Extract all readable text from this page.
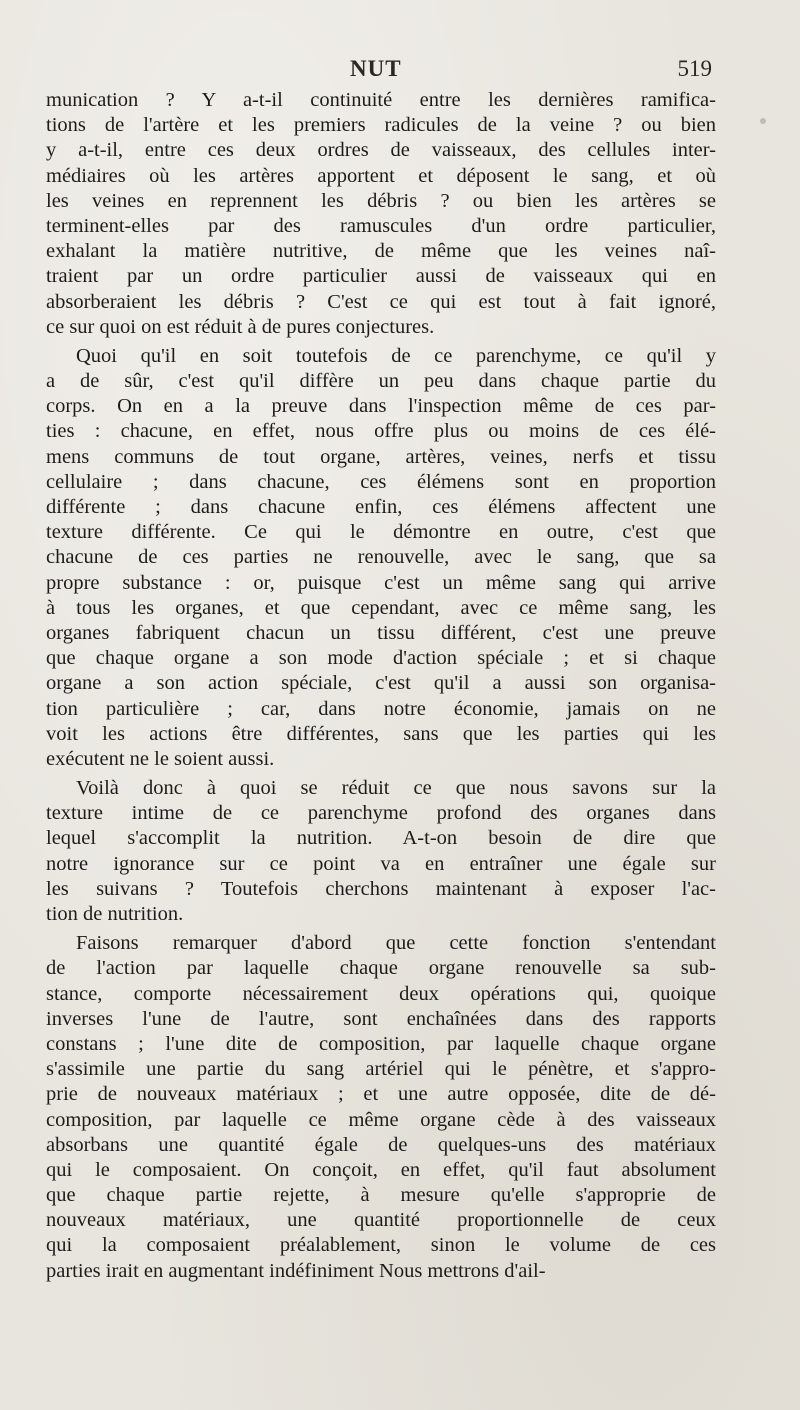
NUT	519
munication ? Y a-t-il continuité entre les dernières ramifica-
tions de l'artère et les premiers radicules de la veine ? ou bien
y a-t-il, entre ces deux ordres de vaisseaux, des cellules inter-
médiaires où les artères apportent et déposent le sang, et où
les veines en reprennent les débris ? ou bien les artères se
terminent-elles par des ramuscules d'un ordre particulier,
exhalant la matière nutritive, de même que les veines naî-
traient par un ordre particulier aussi de vaisseaux qui en
absorberaient les débris ? C'est ce qui est tout à fait ignoré,
ce sur quoi on est réduit à de pures conjectures.
Quoi qu'il en soit toutefois de ce parenchyme, ce qu'il y
a de sûr, c'est qu'il diffère un peu dans chaque partie du
corps. On en a la preuve dans l'inspection même de ces par-
ties : chacune, en effet, nous offre plus ou moins de ces élé-
mens communs de tout organe, artères, veines, nerfs et tissu
cellulaire ; dans chacune, ces élémens sont en proportion
différente ; dans chacune enfin, ces élémens affectent une
texture différente. Ce qui le démontre en outre, c'est que
chacune de ces parties ne renouvelle, avec le sang, que sa
propre substance : or, puisque c'est un même sang qui arrive
à tous les organes, et que cependant, avec ce même sang, les
organes fabriquent chacun un tissu différent, c'est une preuve
que chaque organe a son mode d'action spéciale ; et si chaque
organe a son action spéciale, c'est qu'il a aussi son organisa-
tion particulière ; car, dans notre économie, jamais on ne
voit les actions être différentes, sans que les parties qui les
exécutent ne le soient aussi.
Voilà donc à quoi se réduit ce que nous savons sur la
texture intime de ce parenchyme profond des organes dans
lequel s'accomplit la nutrition. A-t-on besoin de dire que
notre ignorance sur ce point va en entraîner une égale sur
les suivans ? Toutefois cherchons maintenant à exposer l'ac-
tion de nutrition.
Faisons remarquer d'abord que cette fonction s'entendant
de l'action par laquelle chaque organe renouvelle sa sub-
stance, comporte nécessairement deux opérations qui, quoique
inverses l'une de l'autre, sont enchaînées dans des rapports
constans ; l'une dite de composition, par laquelle chaque organe
s'assimile une partie du sang artériel qui le pénètre, et s'appro-
prie de nouveaux matériaux ; et une autre opposée, dite de dé-
composition, par laquelle ce même organe cède à des vaisseaux
absorbans une quantité égale de quelques-uns des matériaux
qui le composaient. On conçoit, en effet, qu'il faut absolument
que chaque partie rejette, à mesure qu'elle s'approprie de
nouveaux matériaux, une quantité proportionnelle de ceux
qui la composaient préalablement, sinon le volume de ces
parties irait en augmentant indéfiniment Nous mettrons d'ail-
